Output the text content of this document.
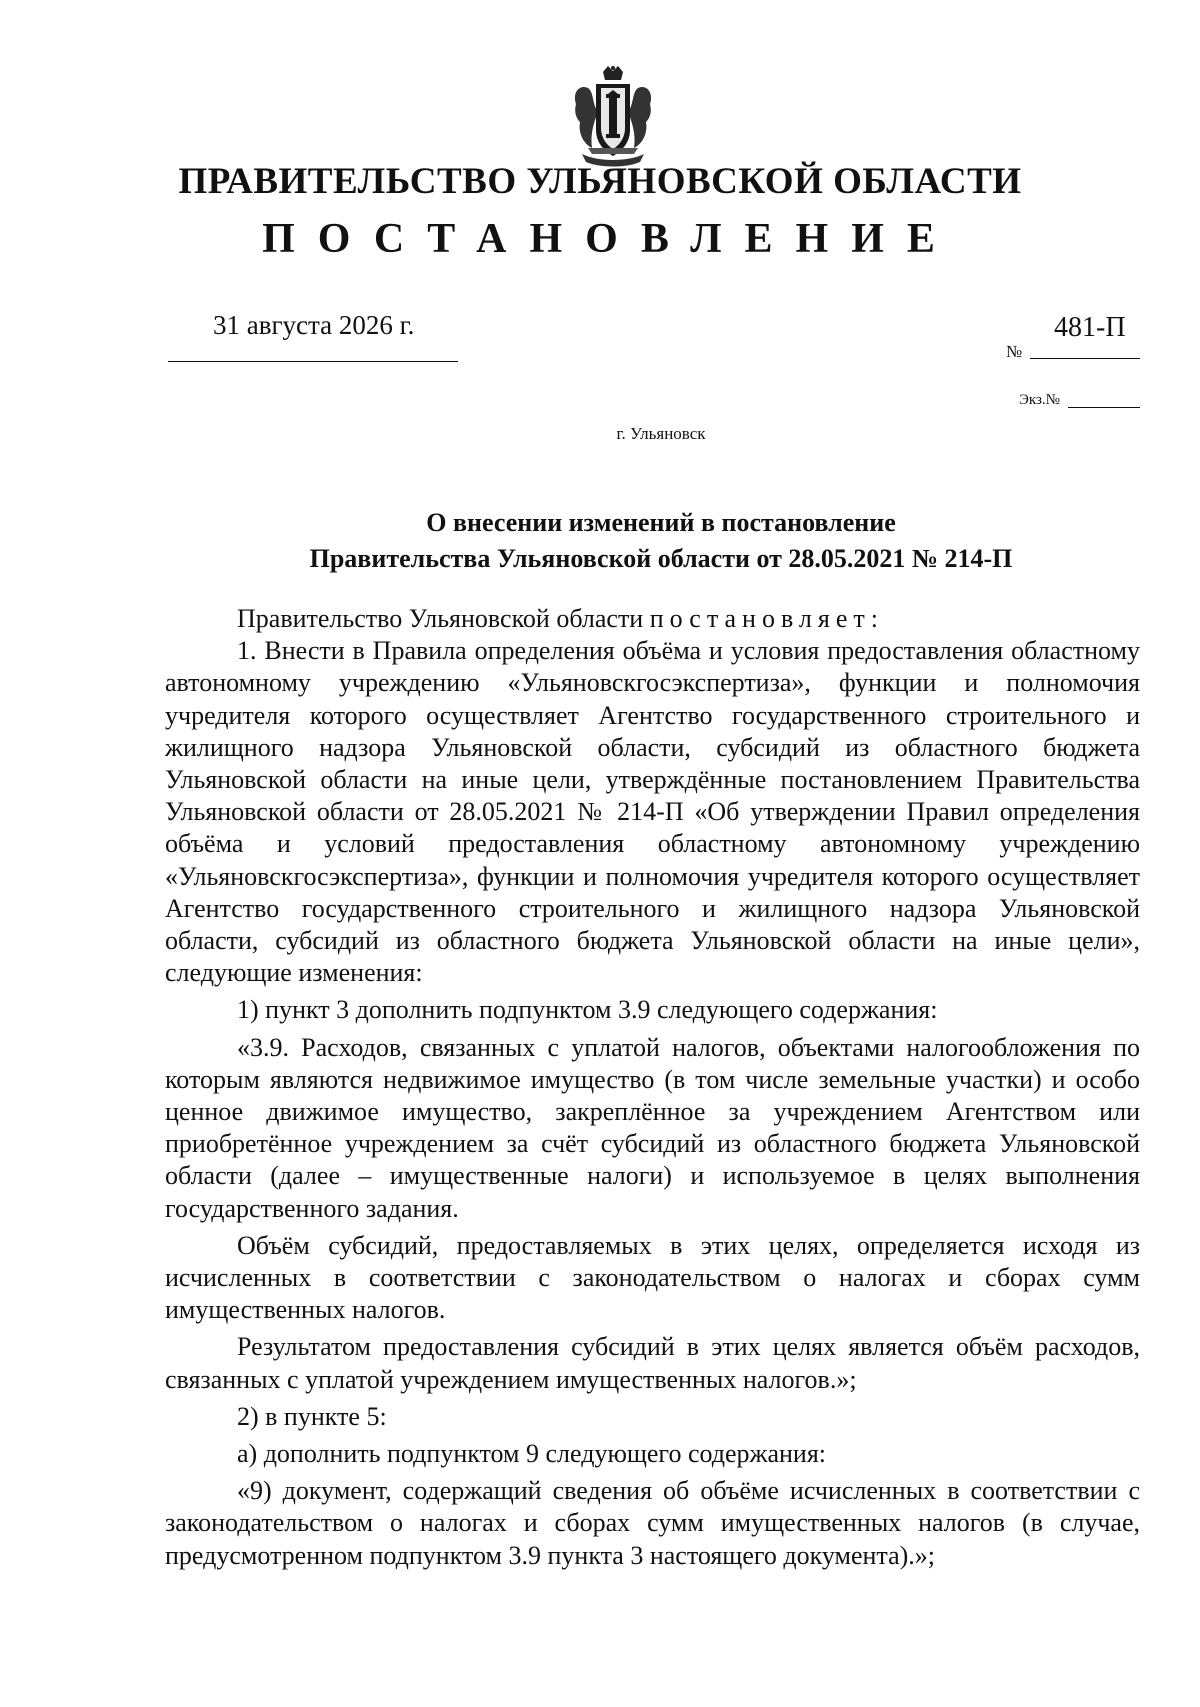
ПРАВИТЕЛЬСТВО УЛЬЯНОВСКОЙ ОБЛАСТИ
ПОСТАНОВЛЕНИЕ
31 августа 2026 г.
№
481-П
Экз.№
г. Ульяновск
О внесении изменений в постановление
Правительства Ульяновской области от 28.05.2021 № 214-П

Правительство Ульяновской области постановляет:

1. Внести в Правила определения объёма и условия предоставления областному автономному учреждению «Ульяновскгосэкспертиза», функции и полномочия учредителя которого осуществляет Агентство государственного строительного и жилищного надзора Ульяновской области, субсидий из областного бюджета Ульяновской области на иные цели, утверждённые постановлением Правительства Ульяновской области от 28.05.2021 № 214-П «Об утверждении Правил определения объёма и условий предоставления областному автономному учреждению «Ульяновскгосэкспертиза», функции и полномочия учредителя которого осуществляет Агентство государственного строительного и жилищного надзора Ульяновской области, субсидий из областного бюджета Ульяновской области на иные цели», следующие изменения:

1) пункт 3 дополнить подпунктом 3.9 следующего содержания:

«3.9. Расходов, связанных с уплатой налогов, объектами налогообложения по которым являются недвижимое имущество (в том числе земельные участки) и особо ценное движимое имущество, закреплённое за учреждением Агентством или приобретённое учреждением за счёт субсидий из областного бюджета Ульяновской области (далее – имущественные налоги) и используемое в целях выполнения государственного задания.

Объём субсидий, предоставляемых в этих целях, определяется исходя из исчисленных в соответствии с законодательством о налогах и сборах сумм имущественных налогов.

Результатом предоставления субсидий в этих целях является объём расходов, связанных с уплатой учреждением имущественных налогов.»;

2) в пункте 5:

а) дополнить подпунктом 9 следующего содержания:

«9) документ, содержащий сведения об объёме исчисленных в соответствии с законодательством о налогах и сборах сумм имущественных налогов (в случае, предусмотренном подпунктом 3.9 пункта 3 настоящего документа).»;
